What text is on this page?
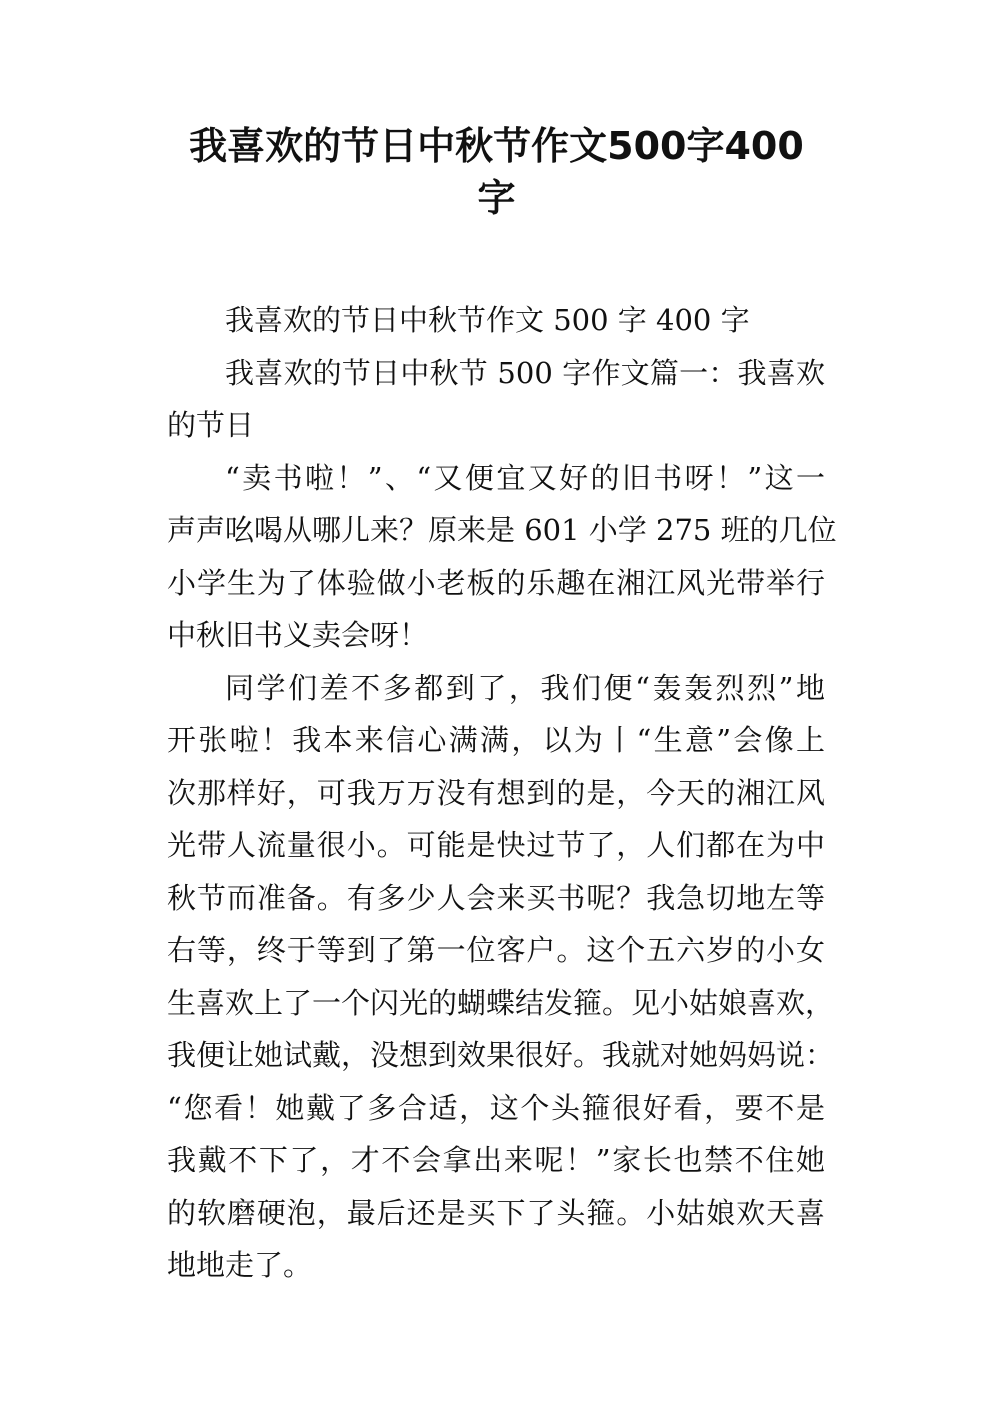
我喜欢的节日中秋节作文500字400
字
我喜欢的节日中秋节作文 500 字 400 字
我喜欢的节日中秋节 500 字作文篇一：我喜欢
的节日
“卖书啦！”、“又便宜又好的旧书呀！”这一
声声吆喝从哪儿来？原来是 601 小学 275 班的几位
小学生为了体验做小老板的乐趣在湘江风光带举行
中秋旧书义卖会呀！
同学们差不多都到了，我们便“轰轰烈烈”地
开张啦！我本来信心满满，以为丨“生意”会像上
次那样好，可我万万没有想到的是，今天的湘江风
光带人流量很小。可能是快过节了，人们都在为中
秋节而准备。有多少人会来买书呢？我急切地左等
右等，终于等到了第一位客户。这个五六岁的小女
生喜欢上了一个闪光的蝴蝶结发箍。见小姑娘喜欢，
我便让她试戴，没想到效果很好。我就对她妈妈说：
“您看！她戴了多合适，这个头箍很好看，要不是
我戴不下了，才不会拿出来呢！”家长也禁不住她
的软磨硬泡，最后还是买下了头箍。小姑娘欢天喜
地地走了。
